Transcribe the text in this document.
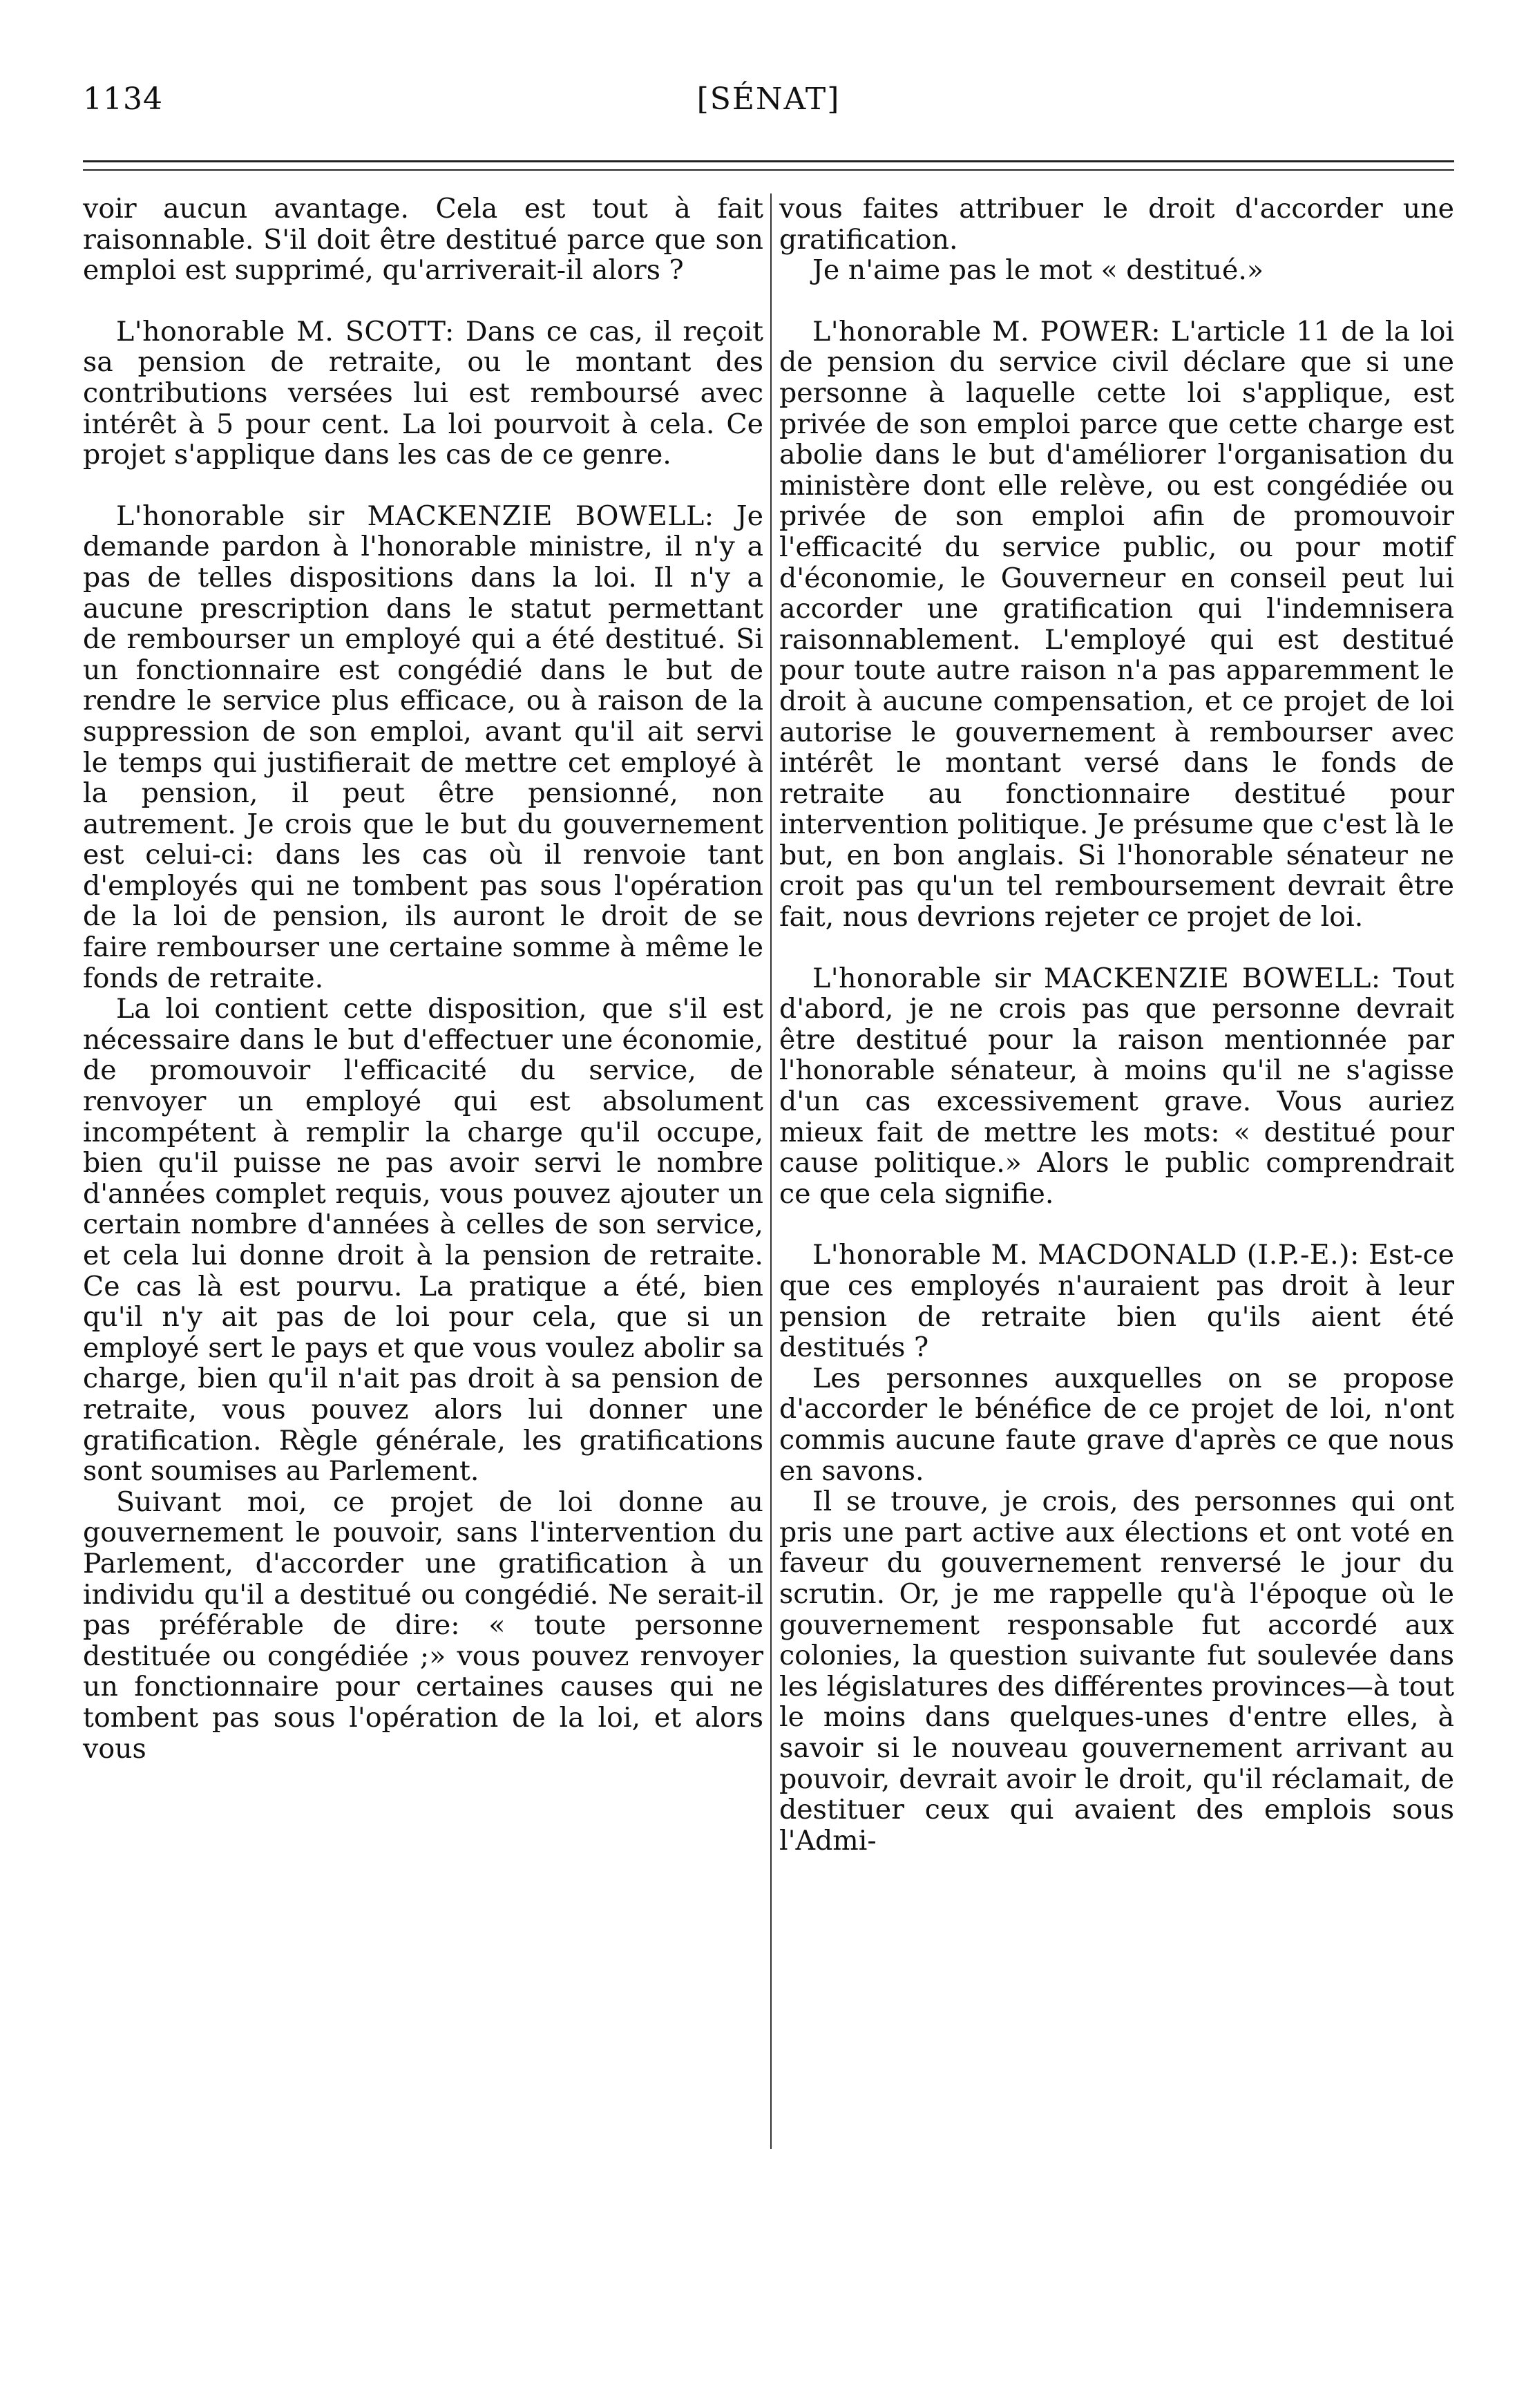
1134	[SÉNAT]

voir aucun avantage. Cela est tout à fait raisonnable. S'il doit être destitué parce que son emploi est supprimé, qu'arriverait-il alors ?

L'honorable M. SCOTT: Dans ce cas, il reçoit sa pension de retraite, ou le montant des contributions versées lui est remboursé avec intérêt à 5 pour cent. La loi pourvoit à cela. Ce projet s'applique dans les cas de ce genre.

L'honorable sir MACKENZIE BOWELL: Je demande pardon à l'honorable ministre, il n'y a pas de telles dispositions dans la loi. Il n'y a aucune prescription dans le statut permettant de rembourser un employé qui a été destitué. Si un fonctionnaire est congédié dans le but de rendre le service plus efficace, ou à raison de la suppression de son emploi, avant qu'il ait servi le temps qui justifierait de mettre cet employé à la pension, il peut être pensionné, non autrement. Je crois que le but du gouvernement est celui-ci: dans les cas où il renvoie tant d'employés qui ne tombent pas sous l'opération de la loi de pension, ils auront le droit de se faire rembourser une certaine somme à même le fonds de retraite.

La loi contient cette disposition, que s'il est nécessaire dans le but d'effectuer une économie, de promouvoir l'efficacité du service, de renvoyer un employé qui est absolument incompétent à remplir la charge qu'il occupe, bien qu'il puisse ne pas avoir servi le nombre d'années complet requis, vous pouvez ajouter un certain nombre d'années à celles de son service, et cela lui donne droit à la pension de retraite. Ce cas là est pourvu. La pratique a été, bien qu'il n'y ait pas de loi pour cela, que si un employé sert le pays et que vous voulez abolir sa charge, bien qu'il n'ait pas droit à sa pension de retraite, vous pouvez alors lui donner une gratification. Règle générale, les gratifications sont soumises au Parlement.

Suivant moi, ce projet de loi donne au gouvernement le pouvoir, sans l'intervention du Parlement, d'accorder une gratification à un individu qu'il a destitué ou congédié. Ne serait-il pas préférable de dire: « toute personne destituée ou congédiée ;» vous pouvez renvoyer un fonctionnaire pour certaines causes qui ne tombent pas sous l'opération de la loi, et alors vous

vous faites attribuer le droit d'accorder une gratification.

Je n'aime pas le mot « destitué.»

L'honorable M. POWER: L'article 11 de la loi de pension du service civil déclare que si une personne à laquelle cette loi s'applique, est privée de son emploi parce que cette charge est abolie dans le but d'améliorer l'organisation du ministère dont elle relève, ou est congédiée ou privée de son emploi afin de promouvoir l'efficacité du service public, ou pour motif d'économie, le Gouverneur en conseil peut lui accorder une gratification qui l'indemnisera raisonnablement. L'employé qui est destitué pour toute autre raison n'a pas apparemment le droit à aucune compensation, et ce projet de loi autorise le gouvernement à rembourser avec intérêt le montant versé dans le fonds de retraite au fonctionnaire destitué pour intervention politique. Je présume que c'est là le but, en bon anglais. Si l'honorable sénateur ne croit pas qu'un tel remboursement devrait être fait, nous devrions rejeter ce projet de loi.

L'honorable sir MACKENZIE BOWELL: Tout d'abord, je ne crois pas que personne devrait être destitué pour la raison mentionnée par l'honorable sénateur, à moins qu'il ne s'agisse d'un cas excessivement grave. Vous auriez mieux fait de mettre les mots: « destitué pour cause politique.» Alors le public comprendrait ce que cela signifie.

L'honorable M. MACDONALD (I.P.-E.): Est-ce que ces employés n'auraient pas droit à leur pension de retraite bien qu'ils aient été destitués ?

Les personnes auxquelles on se propose d'accorder le bénéfice de ce projet de loi, n'ont commis aucune faute grave d'après ce que nous en savons.

Il se trouve, je crois, des personnes qui ont pris une part active aux élections et ont voté en faveur du gouvernement renversé le jour du scrutin. Or, je me rappelle qu'à l'époque où le gouvernement responsable fut accordé aux colonies, la question suivante fut soulevée dans les législatures des différentes provinces—à tout le moins dans quelques-unes d'entre elles, à savoir si le nouveau gouvernement arrivant au pouvoir, devrait avoir le droit, qu'il réclamait, de destituer ceux qui avaient des emplois sous l'Admi-
